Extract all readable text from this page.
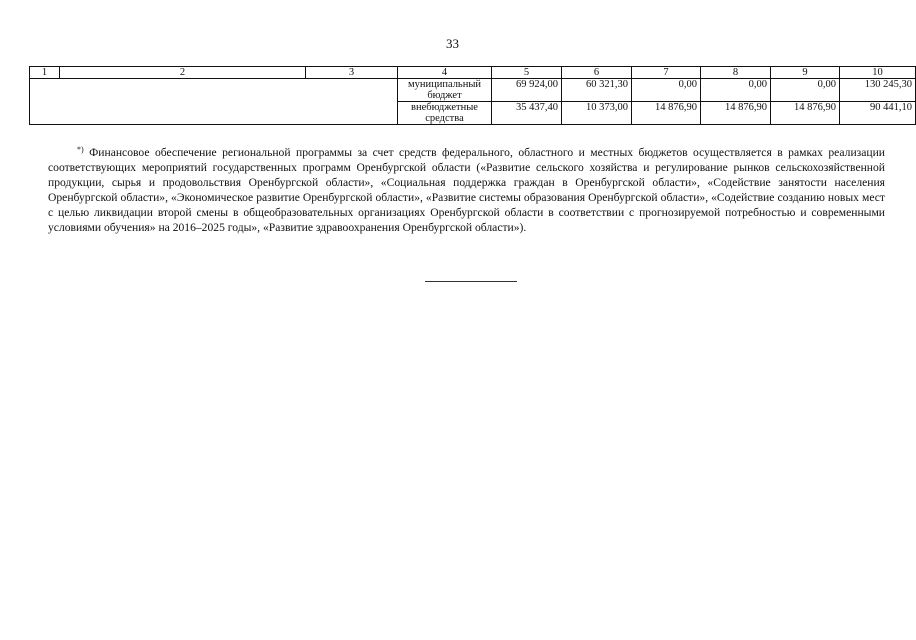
33
1	2	3	4	5	6	7	8	9	10
			муниципальный бюджет	69 924,00	60 321,30	0,00	0,00	0,00	130 245,30
			внебюджетные средства	35 437,40	10 373,00	14 876,90	14 876,90	14 876,90	90 441,10

*) Финансовое обеспечение региональной программы за счет средств федерального, областного и местных бюджетов осуществляется в рамках реализации соответствующих мероприятий государственных программ Оренбургской области («Развитие сельского хозяйства и регулирование рынков сельскохозяйственной продукции, сырья и продовольствия Оренбургской области», «Социальная поддержка граждан в Оренбургской области», «Содействие занятости населения Оренбургской области», «Экономическое развитие Оренбургской области», «Развитие системы образования Оренбургской области», «Содействие созданию новых мест с целью ликвидации второй смены в общеобразовательных организациях Оренбургской области в соответствии с прогнозируемой потребностью и современными условиями обучения» на 2016–2025 годы», «Развитие здравоохранения Оренбургской области»).
